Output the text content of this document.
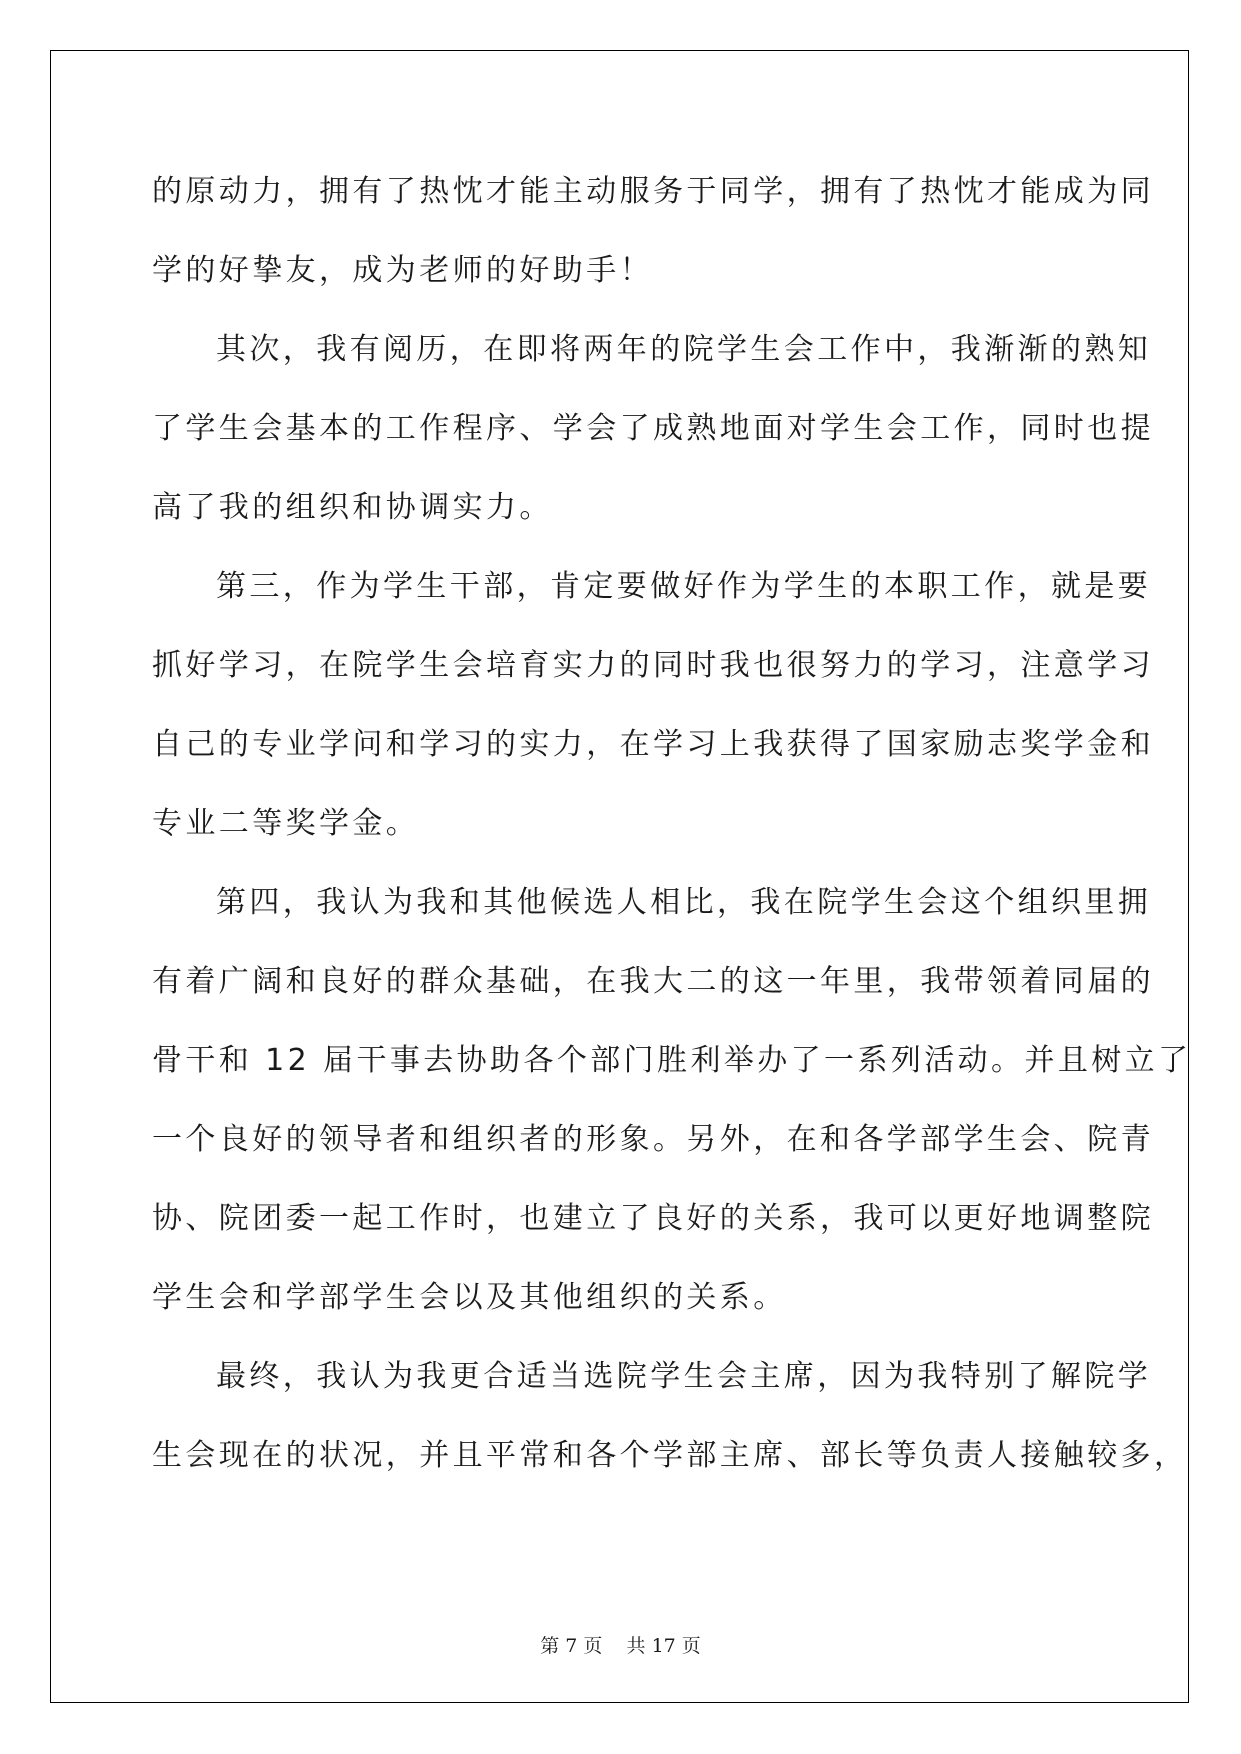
的原动力，拥有了热忱才能主动服务于同学，拥有了热忱才能成为同
学的好挚友，成为老师的好助手！
其次，我有阅历，在即将两年的院学生会工作中，我渐渐的熟知
了学生会基本的工作程序、学会了成熟地面对学生会工作，同时也提
高了我的组织和协调实力。
第三，作为学生干部，肯定要做好作为学生的本职工作，就是要
抓好学习，在院学生会培育实力的同时我也很努力的学习，注意学习
自己的专业学问和学习的实力，在学习上我获得了国家励志奖学金和
专业二等奖学金。
第四，我认为我和其他候选人相比，我在院学生会这个组织里拥
有着广阔和良好的群众基础，在我大二的这一年里，我带领着同届的
骨干和 12 届干事去协助各个部门胜利举办了一系列活动。并且树立了
一个良好的领导者和组织者的形象。另外，在和各学部学生会、院青
协、院团委一起工作时，也建立了良好的关系，我可以更好地调整院
学生会和学部学生会以及其他组织的关系。
最终，我认为我更合适当选院学生会主席，因为我特别了解院学
生会现在的状况，并且平常和各个学部主席、部长等负责人接触较多，
第 7 页 共 17 页
